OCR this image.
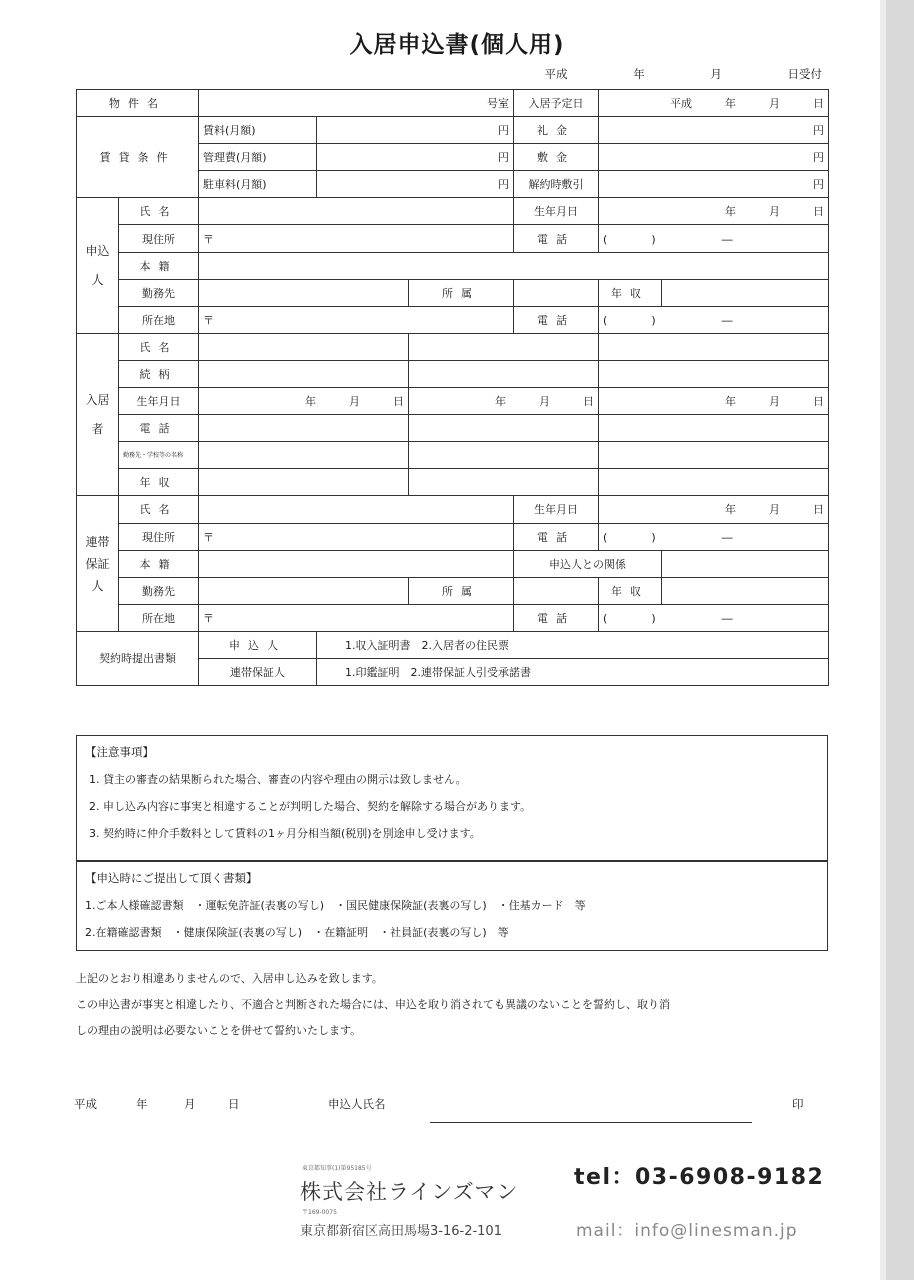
入居申込書(個人用)
平成	年	月	日受付
物件名		号室			入居予定日	平成　　　 年　　　 月　　　 日	
賃貸条件		賃料(月額)	円		礼金	円	
		管理費(月額)	円		敷金	円	
		駐車料(月額)	円		解約時敷引	円	
申込人	氏名				生年月日	年　　　 月　　　 日	
	現住所	〒			電話	(　　　　 )　　　　　　 ―	
	本籍						
	勤務先			所属		年収	
	所在地	〒			電話	(　　　　 )　　　　　　 ―	
入居者	氏名						
	続柄						
	生年月日	年　　　 月　　　 日		年　　　 月　　　 日		年　　　 月　　　 日	
	電話						
	勤務先・学校等の名称						
	年収						
連帯保証人	氏名				生年月日	年　　　 月　　　 日	
	現住所	〒			電話	(　　　　 )　　　　　　 ―	
	本籍				申込人との関係		
	勤務先			所属		年収	
	所在地	〒			電話	(　　　　 )　　　　　　 ―	
契約時提出書類		申込人	1.収入証明書　2.入居者の住民票				
		連帯保証人	1.印鑑証明　2.連帯保証人引受承諾書				
【注意事項】
1. 貸主の審査の結果断られた場合、審査の内容や理由の開示は致しません。
2. 申し込み内容に事実と相違することが判明した場合、契約を解除する場合があります。
3. 契約時に仲介手数料として賃料の1ヶ月分相当額(税別)を別途申し受けます。
【申込時にご提出して頂く書類】
1.ご本人様確認書類　・運転免許証(表裏の写し)　・国民健康保険証(表裏の写し)　・住基カード　等
2.在籍確認書類　・健康保険証(表裏の写し)　・在籍証明　・社員証(表裏の写し)　等
上記のとおり相違ありませんので、入居申し込みを致します。
この申込書が事実と相違したり、不適合と判断された場合には、申込を取り消されても異議のないことを誓約し、取り消
しの理由の説明は必要ないことを併せて誓約いたします。
平成	年	月	日	申込人氏名	印
東京都知事(1)第95185号
株式会社ラインズマン
〒169-0075
東京都新宿区高田馬場3-16-2-101
tel：03-6908-9182
mail：info@linesman.jp
